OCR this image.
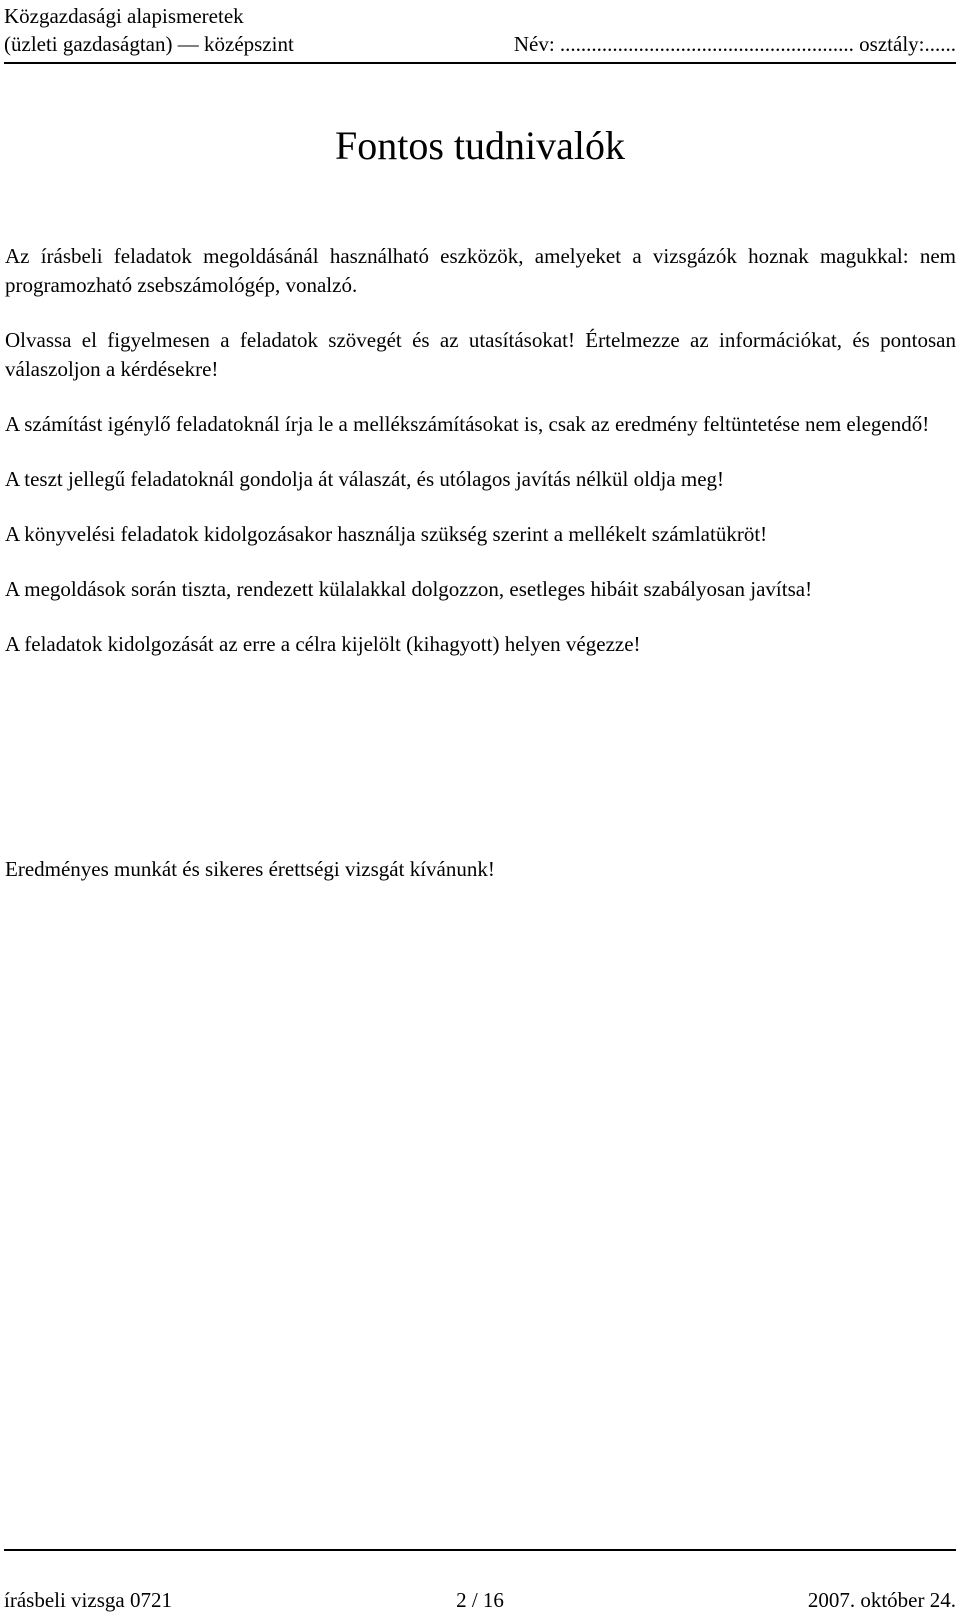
Közgazdasági alapismeretek
(üzleti gazdaságtan) — középszint	Név: ........................................................ osztály:......
Fontos tudnivalók

Az írásbeli feladatok megoldásánál használható eszközök, amelyeket a vizsgázók hoznak magukkal: nem programozható zsebszámológép, vonalzó.

Olvassa el figyelmesen a feladatok szövegét és az utasításokat! Értelmezze az információkat, és pontosan válaszoljon a kérdésekre!

A számítást igénylő feladatoknál írja le a mellékszámításokat is, csak az eredmény feltüntetése nem elegendő!

A teszt jellegű feladatoknál gondolja át válaszát, és utólagos javítás nélkül oldja meg!

A könyvelési feladatok kidolgozásakor használja szükség szerint a mellékelt számlatükröt!

A megoldások során tiszta, rendezett külalakkal dolgozzon, esetleges hibáit szabályosan javítsa!

A feladatok kidolgozását az erre a célra kijelölt (kihagyott) helyen végezze!

Eredményes munkát és sikeres érettségi vizsgát kívánunk!
írásbeli vizsga 0721	2 / 16	2007. október 24.
